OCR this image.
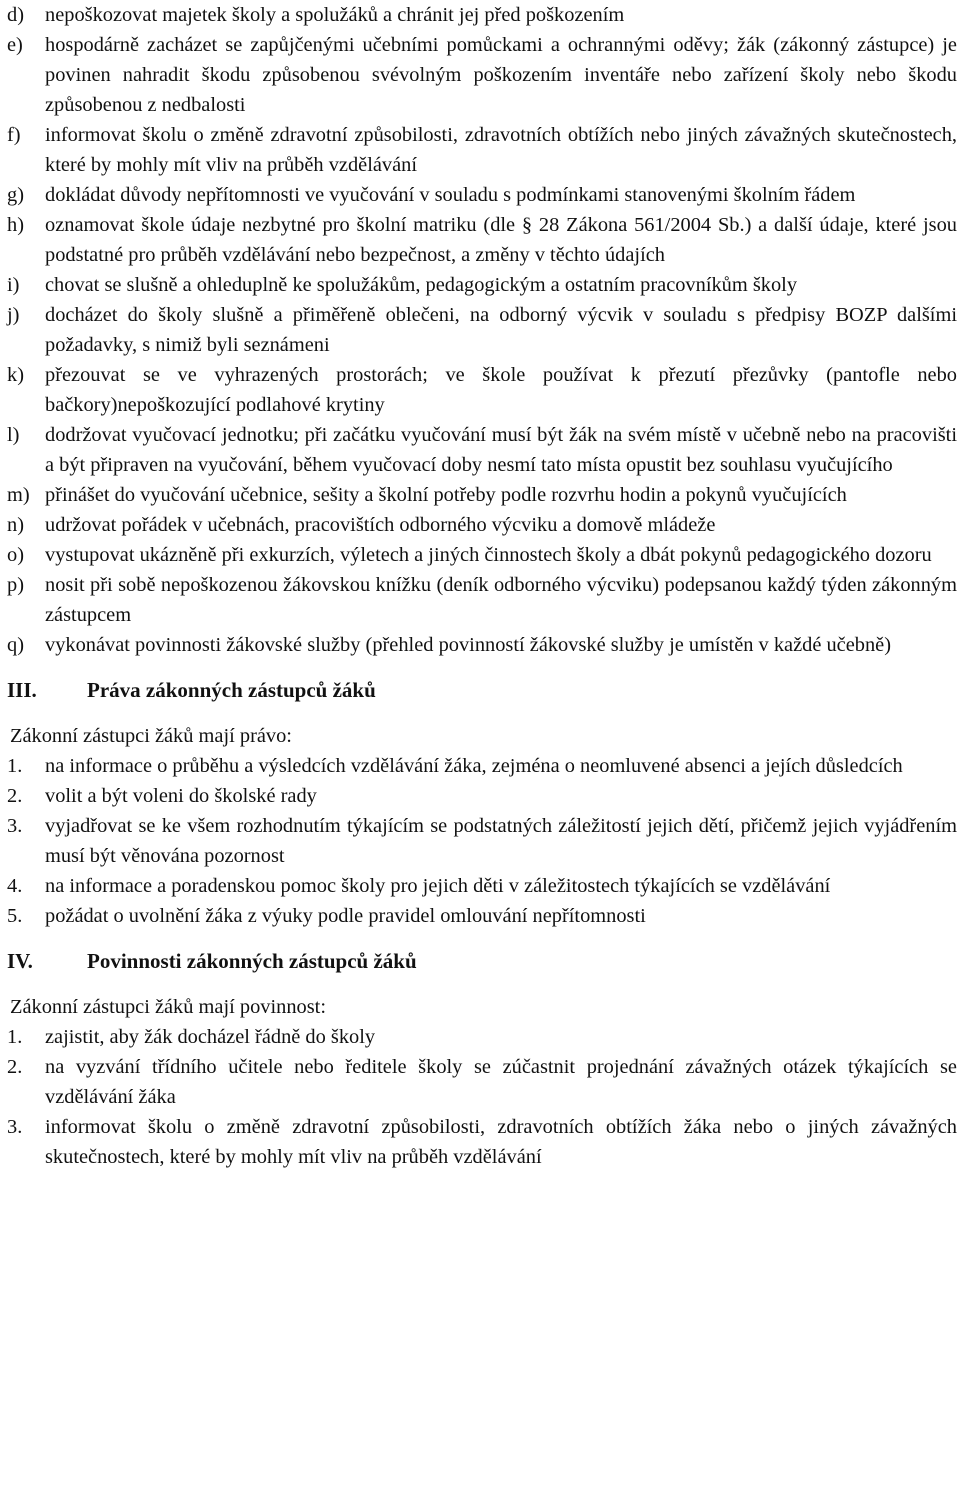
d)	nepoškozovat majetek školy a spolužáků a chránit jej před poškozením
e)	hospodárně zacházet se zapůjčenými učebními pomůckami a ochrannými oděvy; žák (zákonný zástupce) je povinen nahradit škodu způsobenou svévolným poškozením inventáře nebo zařízení školy nebo škodu způsobenou z nedbalosti
f)	informovat školu o změně zdravotní způsobilosti, zdravotních obtížích nebo jiných závažných skutečnostech, které by mohly mít vliv na průběh vzdělávání
g)	dokládat důvody nepřítomnosti ve vyučování v souladu s podmínkami stanovenými školním řádem
h)	oznamovat škole údaje nezbytné pro školní matriku (dle § 28 Zákona 561/2004 Sb.) a další údaje, které jsou podstatné pro průběh vzdělávání nebo bezpečnost, a změny v těchto údajích
i)	chovat se slušně a ohleduplně ke spolužákům, pedagogickým a ostatním pracovníkům školy
j)	docházet do školy slušně a přiměřeně oblečeni, na odborný výcvik v souladu s předpisy BOZP dalšími požadavky, s nimiž byli seznámeni
k)	přezouvat se ve vyhrazených prostorách; ve škole používat k přezutí přezůvky (pantofle nebo bačkory)nepoškozující podlahové krytiny
l)	dodržovat vyučovací jednotku; při začátku vyučování musí být žák na svém místě v učebně nebo na pracovišti a být připraven na vyučování, během vyučovací doby nesmí tato místa opustit bez souhlasu vyučujícího
m) přinášet do vyučování učebnice, sešity a školní potřeby podle rozvrhu hodin a pokynů vyučujících
n)	udržovat pořádek v učebnách, pracovištích odborného výcviku a domově mládeže
o)	vystupovat ukázněně při exkurzích, výletech a jiných činnostech školy a dbát pokynů pedagogického dozoru
p)	nosit při sobě nepoškozenou žákovskou knížku (deník odborného výcviku) podepsanou každý týden zákonným zástupcem
q)	vykonávat povinnosti žákovské služby (přehled povinností žákovské služby je umístěn v každé učebně)
III.	Práva zákonných zástupců žáků
Zákonní zástupci žáků mají právo:
1.	na informace o průběhu a výsledcích vzdělávání žáka, zejména o neomluvené absenci a jejích důsledcích
2.	volit a být voleni do školské rady
3.	vyjadřovat se ke všem rozhodnutím týkajícím se podstatných záležitostí jejich dětí, přičemž jejich vyjádřením musí být věnována pozornost
4.	na informace a poradenskou pomoc školy pro jejich děti v záležitostech týkajících se vzdělávání
5.	požádat o uvolnění žáka z výuky podle pravidel omlouvání nepřítomnosti
IV.	Povinnosti zákonných zástupců žáků
Zákonní zástupci žáků mají povinnost:
1.	zajistit, aby žák docházel řádně do školy
2.	na vyzvání třídního učitele nebo ředitele školy se zúčastnit projednání závažných otázek týkajících se vzdělávání žáka
3.	informovat školu o změně zdravotní způsobilosti, zdravotních obtížích žáka nebo o jiných závažných skutečnostech, které by mohly mít vliv na průběh vzdělávání
